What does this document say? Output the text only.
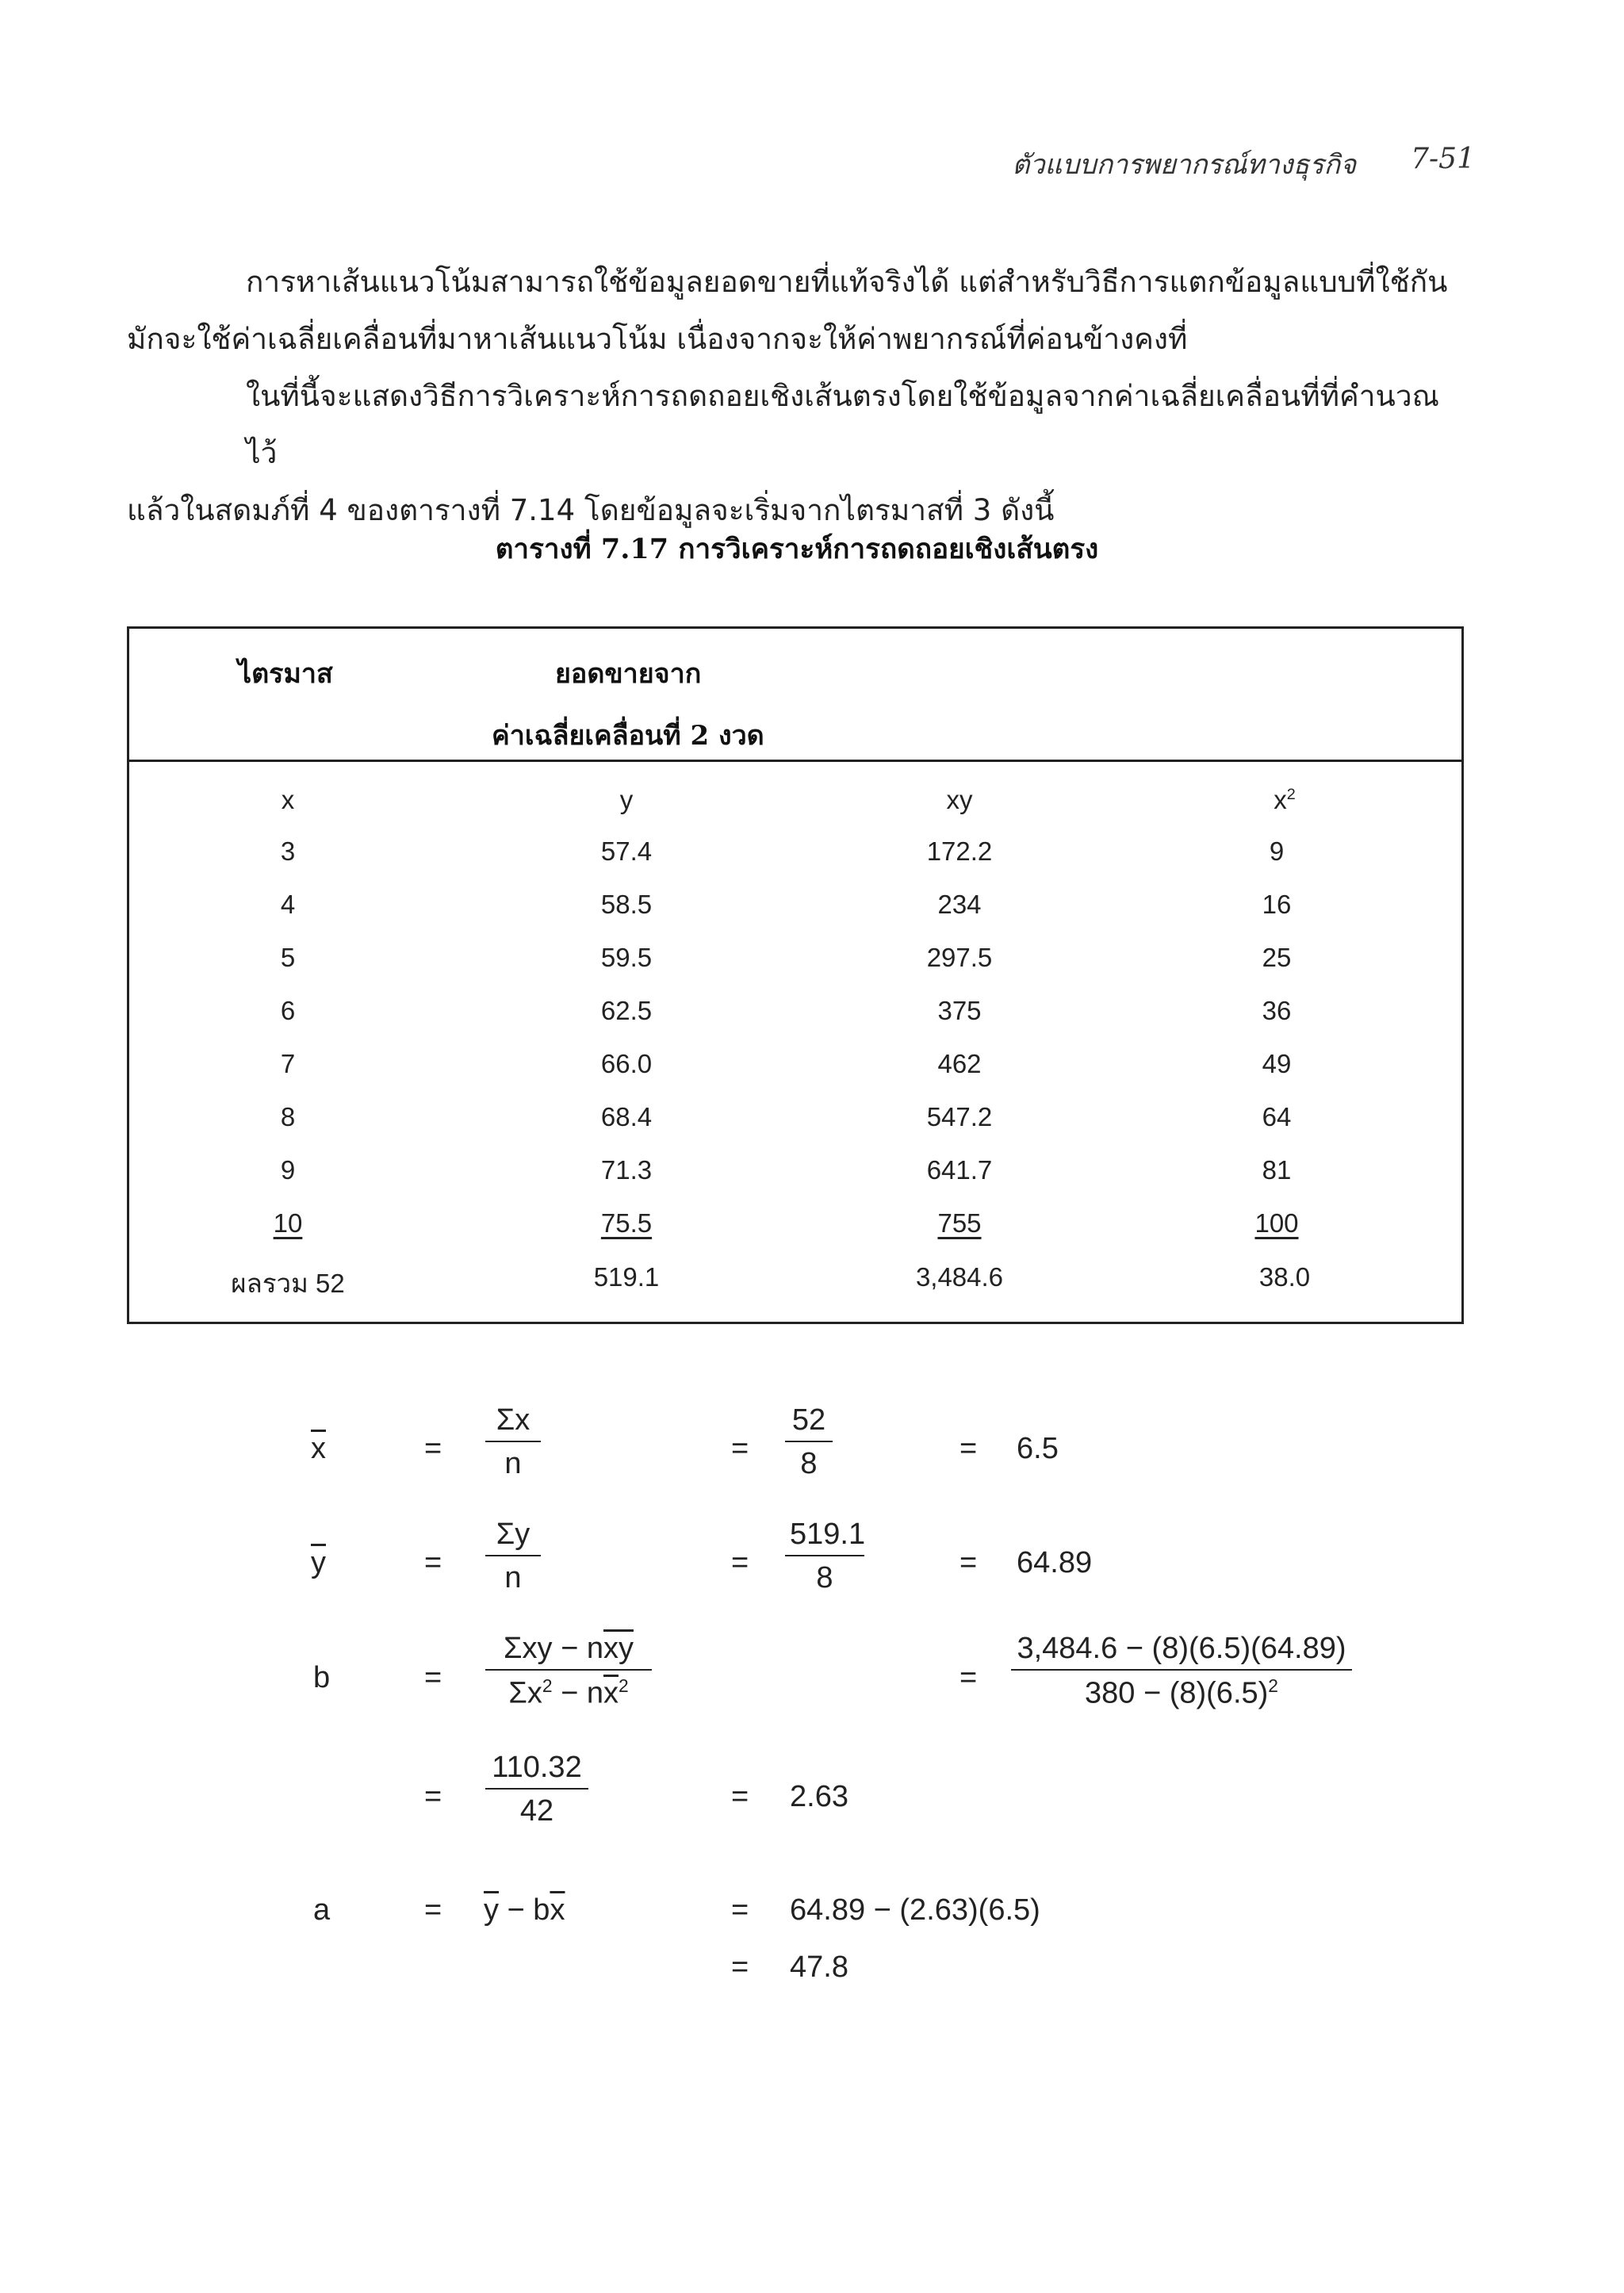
ตัวแบบการพยากรณ์ทางธุรกิจ	7-51
การหาเส้นแนวโน้มสามารถใช้ข้อมูลยอดขายที่แท้จริงได้ แต่สำหรับวิธีการแตกข้อมูลแบบที่ใช้กัน
มักจะใช้ค่าเฉลี่ยเคลื่อนที่มาหาเส้นแนวโน้ม เนื่องจากจะให้ค่าพยากรณ์ที่ค่อนข้างคงที่
ในที่นี้จะแสดงวิธีการวิเคราะห์การถดถอยเชิงเส้นตรงโดยใช้ข้อมูลจากค่าเฉลี่ยเคลื่อนที่ที่คำนวณไว้
แล้วในสดมภ์ที่ 4 ของตารางที่ 7.14 โดยข้อมูลจะเริ่มจากไตรมาสที่ 3 ดังนี้
ตารางที่ 7.17 การวิเคราะห์การถดถอยเชิงเส้นตรง
ไตรมาส	ยอดขายจาก
ค่าเฉลี่ยเคลื่อนที่ 2 งวด
x	y	xy	$x^2$
3	57.4	172.2	9
4	58.5	234	16
5	59.5	297.5	25
6	62.5	375	36
7	66.0	462	49
8	68.4	547.2	64
9	71.3	641.7	81
10	75.5	755	100
ผลรวม 52	519.1	3,484.6	38.0
$\overline{x}$	= $\frac{\Sigma x}{n}$	= $\frac{52}{8}$	= 6.5
$\overline{y}$	= $\frac{\Sigma y}{n}$	= $\frac{519.1}{8}$	= 64.89
b	=
$\Sigma xy - n\overline{xy}$
$\Sigma x^2 - n\overline{x}^2$	= $\frac{3,484.6 - (8)(6.5)(64.89)}{380 - (8)(6.5)^2}$
= $\frac{110.32}{42}$	= 2.63
a	= $\overline{y} - b\overline{x}$	= 64.89 − (2.63)(6.5)
= 47.8
